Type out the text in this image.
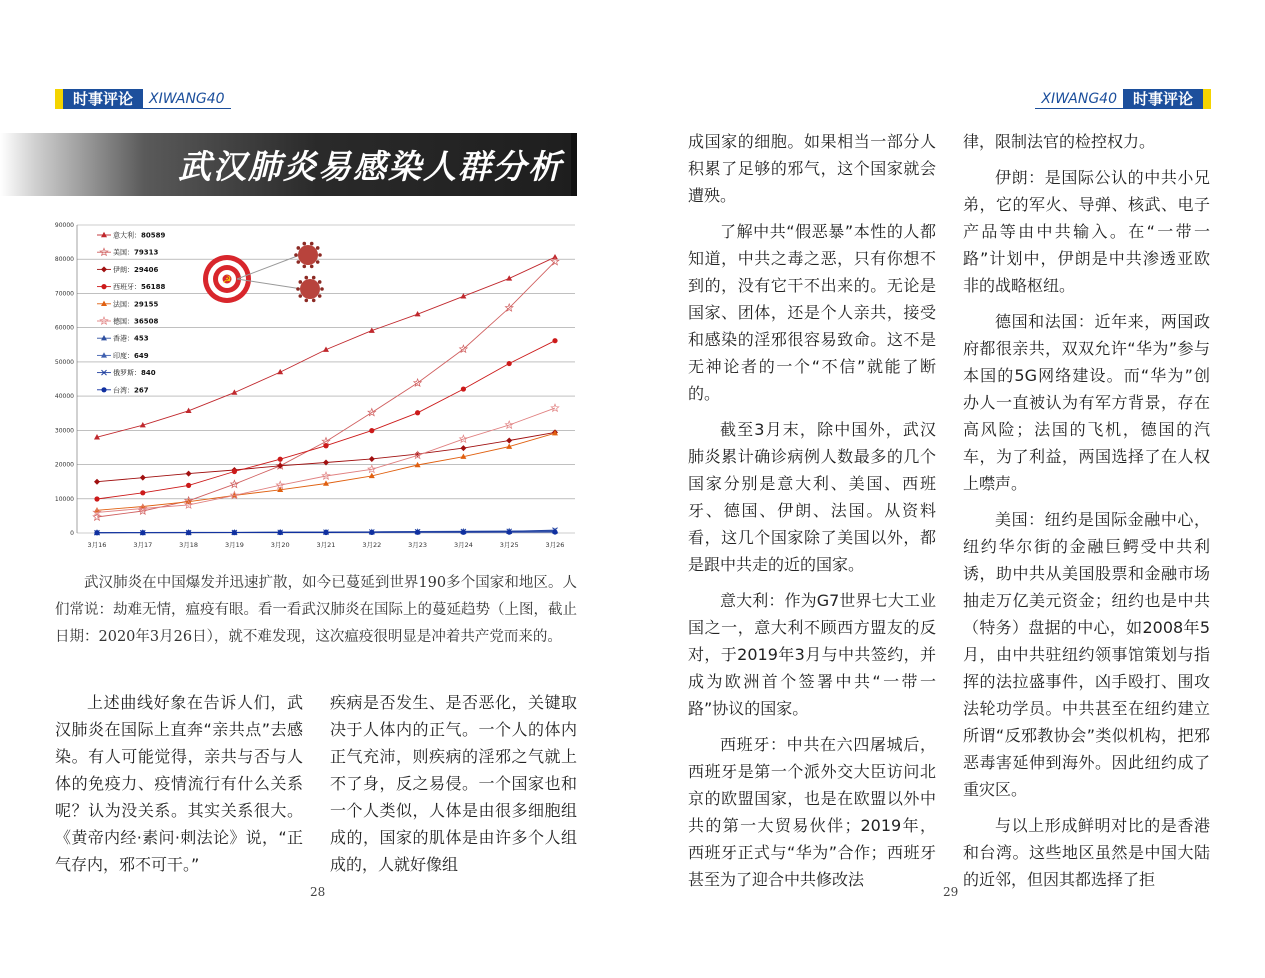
时事评论	XIWANG40	XIWANG40	时事评论
武汉肺炎易感染人群分析
0
10000
20000
30000
40000
50000
60000
70000
80000
90000
3月16	3月17	3月18	3月19	3月20	3月21	3月22	3月23	3月24	3月25	3月26
意大利：80589
美国：79313
伊朗：29406
西班牙：56188
法国：29155
德国：36508
香港：453
印度：649
俄罗斯：840
台湾：267
☭
武汉肺炎在中国爆发并迅速扩散，如今已蔓延到世界190多个国家和地区。人们常说：劫难无情，瘟疫有眼。看一看武汉肺炎在国际上的蔓延趋势（上图，截止日期：2020年3月26日），就不难发现，这次瘟疫很明显是冲着共产党而来的。

上述曲线好象在告诉人们，武汉肺炎在国际上直奔“亲共点”去感染。有人可能觉得，亲共与否与人体的免疫力、疫情流行有什么关系呢？认为没关系。其实关系很大。《黄帝内经·素问·刺法论》说，“正气存内，邪不可干。”

疾病是否发生、是否恶化，关键取决于人体内的正气。一个人的体内正气充沛，则疾病的淫邪之气就上不了身，反之易侵。一个国家也和一个人类似，人体是由很多细胞组成的，国家的肌体是由许多个人组成的，人就好像组

成国家的细胞。如果相当一部分人积累了足够的邪气，这个国家就会遭殃。

了解中共“假恶暴”本性的人都知道，中共之毒之恶，只有你想不到的，没有它干不出来的。无论是国家、团体，还是个人亲共，接受和感染的淫邪很容易致命。这不是无神论者的一个“不信”就能了断的。

截至3月末，除中国外，武汉肺炎累计确诊病例人数最多的几个国家分别是意大利、美国、西班牙、德国、伊朗、法国。从资料看，这几个国家除了美国以外，都是跟中共走的近的国家。

意大利：作为G7世界七大工业国之一，意大利不顾西方盟友的反对，于2019年3月与中共签约，并成为欧洲首个签署中共“一带一路”协议的国家。

西班牙：中共在六四屠城后，西班牙是第一个派外交大臣访问北京的欧盟国家，也是在欧盟以外中共的第一大贸易伙伴；2019年，西班牙正式与“华为”合作；西班牙甚至为了迎合中共修改法

律，限制法官的检控权力。

伊朗：是国际公认的中共小兄弟，它的军火、导弹、核武、电子产品等由中共输入。在“一带一路”计划中，伊朗是中共渗透亚欧非的战略枢纽。

德国和法国：近年来，两国政府都很亲共，双双允许“华为”参与本国的5G网络建设。而“华为”创办人一直被认为有军方背景，存在高风险；法国的飞机，德国的汽车，为了利益，两国选择了在人权上噤声。

美国：纽约是国际金融中心，纽约华尔街的金融巨鳄受中共利诱，助中共从美国股票和金融市场抽走万亿美元资金；纽约也是中共（特务）盘据的中心，如2008年5月，由中共驻纽约领事馆策划与指挥的法拉盛事件，凶手殴打、围攻法轮功学员。中共甚至在纽约建立所谓“反邪教协会”类似机构，把邪恶毒害延伸到海外。因此纽约成了重灾区。

与以上形成鲜明对比的是香港和台湾。这些地区虽然是中国大陆的近邻，但因其都选择了拒

28	29
